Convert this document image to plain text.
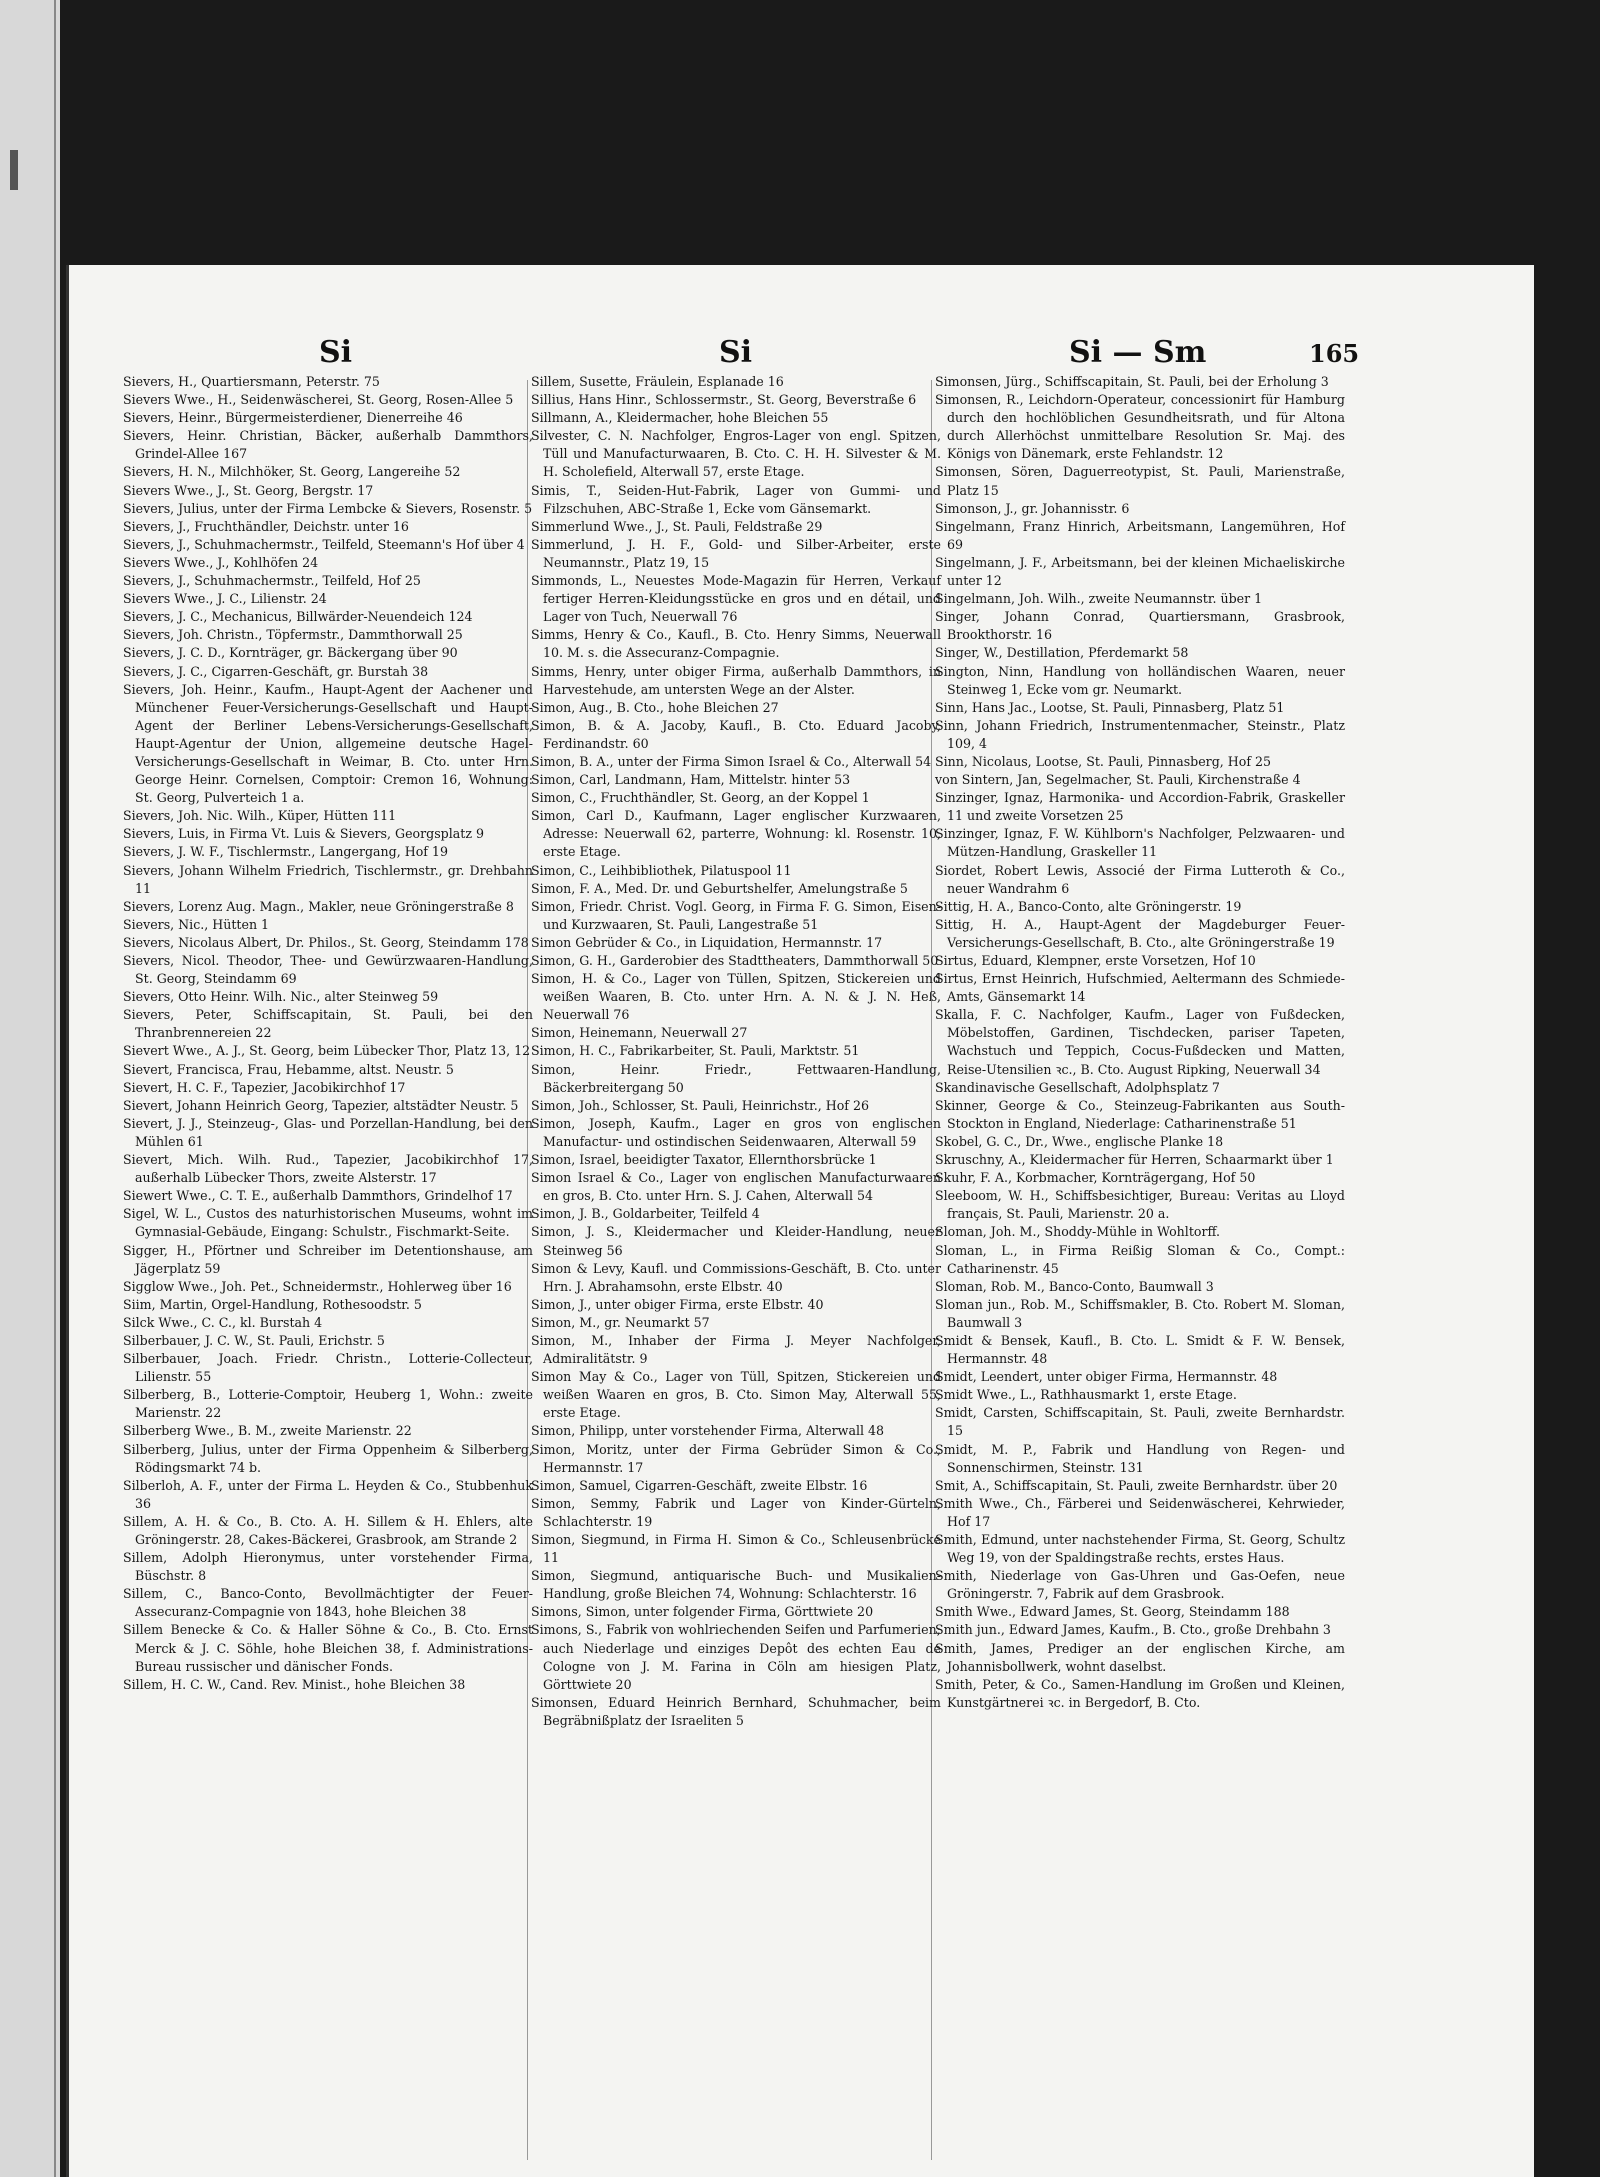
Si	Si	Si — Sm	165

Sievers, H., Quartiersmann, Peterstr. 75

Sievers Wwe., H., Seidenwäscherei, St. Georg, Rosen-Allee 5

Sievers, Heinr., Bürgermeisterdiener, Dienerreihe 46

Sievers, Heinr. Christian, Bäcker, außerhalb Dammthors, Grindel-Allee 167

Sievers, H. N., Milchhöker, St. Georg, Langereihe 52

Sievers Wwe., J., St. Georg, Bergstr. 17

Sievers, Julius, unter der Firma Lembcke & Sievers, Rosenstr. 5

Sievers, J., Fruchthändler, Deichstr. unter 16

Sievers, J., Schuhmachermstr., Teilfeld, Steemann's Hof über 4

Sievers Wwe., J., Kohlhöfen 24

Sievers, J., Schuhmachermstr., Teilfeld, Hof 25

Sievers Wwe., J. C., Lilienstr. 24

Sievers, J. C., Mechanicus, Billwärder-Neuendeich 124

Sievers, Joh. Christn., Töpfermstr., Dammthorwall 25

Sievers, J. C. D., Kornträger, gr. Bäckergang über 90

Sievers, J. C., Cigarren-Geschäft, gr. Burstah 38

Sievers, Joh. Heinr., Kaufm., Haupt-Agent der Aachener und Münchener Feuer-Versicherungs-Gesellschaft und Haupt-Agent der Berliner Lebens-Versicherungs-Gesellschaft, Haupt-Agentur der Union, allgemeine deutsche Hagel-Versicherungs-Gesellschaft in Weimar, B. Cto. unter Hrn. George Heinr. Cornelsen, Comptoir: Cremon 16, Wohnung: St. Georg, Pulverteich 1 a.

Sievers, Joh. Nic. Wilh., Küper, Hütten 111

Sievers, Luis, in Firma Vt. Luis & Sievers, Georgsplatz 9

Sievers, J. W. F., Tischlermstr., Langergang, Hof 19

Sievers, Johann Wilhelm Friedrich, Tischlermstr., gr. Drehbahn 11

Sievers, Lorenz Aug. Magn., Makler, neue Gröningerstraße 8

Sievers, Nic., Hütten 1

Sievers, Nicolaus Albert, Dr. Philos., St. Georg, Steindamm 178

Sievers, Nicol. Theodor, Thee- und Gewürzwaaren-Handlung, St. Georg, Steindamm 69

Sievers, Otto Heinr. Wilh. Nic., alter Steinweg 59

Sievers, Peter, Schiffscapitain, St. Pauli, bei den Thranbrennereien 22

Sievert Wwe., A. J., St. Georg, beim Lübecker Thor, Platz 13, 12

Sievert, Francisca, Frau, Hebamme, altst. Neustr. 5

Sievert, H. C. F., Tapezier, Jacobikirchhof 17

Sievert, Johann Heinrich Georg, Tapezier, altstädter Neustr. 5

Sievert, J. J., Steinzeug-, Glas- und Porzellan-Handlung, bei den Mühlen 61

Sievert, Mich. Wilh. Rud., Tapezier, Jacobikirchhof 17, außerhalb Lübecker Thors, zweite Alsterstr. 17

Siewert Wwe., C. T. E., außerhalb Dammthors, Grindelhof 17

Sigel, W. L., Custos des naturhistorischen Museums, wohnt im Gymnasial-Gebäude, Eingang: Schulstr., Fischmarkt-Seite.

Sigger, H., Pförtner und Schreiber im Detentionshause, am Jägerplatz 59

Sigglow Wwe., Joh. Pet., Schneidermstr., Hohlerweg über 16

Siim, Martin, Orgel-Handlung, Rothesoodstr. 5

Silck Wwe., C. C., kl. Burstah 4

Silberbauer, J. C. W., St. Pauli, Erichstr. 5

Silberbauer, Joach. Friedr. Christn., Lotterie-Collecteur, Lilienstr. 55

Silberberg, B., Lotterie-Comptoir, Heuberg 1, Wohn.: zweite Marienstr. 22

Silberberg Wwe., B. M., zweite Marienstr. 22

Silberberg, Julius, unter der Firma Oppenheim & Silberberg, Rödingsmarkt 74 b.

Silberloh, A. F., unter der Firma L. Heyden & Co., Stubbenhuk 36

Sillem, A. H. & Co., B. Cto. A. H. Sillem & H. Ehlers, alte Gröningerstr. 28, Cakes-Bäckerei, Grasbrook, am Strande 2

Sillem, Adolph Hieronymus, unter vorstehender Firma, Büschstr. 8

Sillem, C., Banco-Conto, Bevollmächtigter der Feuer-Assecuranz-Compagnie von 1843, hohe Bleichen 38

Sillem Benecke & Co. & Haller Söhne & Co., B. Cto. Ernst Merck & J. C. Söhle, hohe Bleichen 38, f. Administrations-Bureau russischer und dänischer Fonds.

Sillem, H. C. W., Cand. Rev. Minist., hohe Bleichen 38

Sillem, Susette, Fräulein, Esplanade 16

Sillius, Hans Hinr., Schlossermstr., St. Georg, Beverstraße 6

Sillmann, A., Kleidermacher, hohe Bleichen 55

Silvester, C. N. Nachfolger, Engros-Lager von engl. Spitzen, Tüll und Manufacturwaaren, B. Cto. C. H. H. Silvester & M. H. Scholefield, Alterwall 57, erste Etage.

Simis, T., Seiden-Hut-Fabrik, Lager von Gummi- und Filzschuhen, ABC-Straße 1, Ecke vom Gänsemarkt.

Simmerlund Wwe., J., St. Pauli, Feldstraße 29

Simmerlund, J. H. F., Gold- und Silber-Arbeiter, erste Neumannstr., Platz 19, 15

Simmonds, L., Neuestes Mode-Magazin für Herren, Verkauf fertiger Herren-Kleidungsstücke en gros und en détail, und Lager von Tuch, Neuerwall 76

Simms, Henry & Co., Kaufl., B. Cto. Henry Simms, Neuerwall 10. M. s. die Assecuranz-Compagnie.

Simms, Henry, unter obiger Firma, außerhalb Dammthors, in Harvestehude, am untersten Wege an der Alster.

Simon, Aug., B. Cto., hohe Bleichen 27

Simon, B. & A. Jacoby, Kaufl., B. Cto. Eduard Jacoby, Ferdinandstr. 60

Simon, B. A., unter der Firma Simon Israel & Co., Alterwall 54

Simon, Carl, Landmann, Ham, Mittelstr. hinter 53

Simon, C., Fruchthändler, St. Georg, an der Koppel 1

Simon, Carl D., Kaufmann, Lager englischer Kurzwaaren, Adresse: Neuerwall 62, parterre, Wohnung: kl. Rosenstr. 10, erste Etage.

Simon, C., Leihbibliothek, Pilatuspool 11

Simon, F. A., Med. Dr. und Geburtshelfer, Amelungstraße 5

Simon, Friedr. Christ. Vogl. Georg, in Firma F. G. Simon, Eisen- und Kurzwaaren, St. Pauli, Langestraße 51

Simon Gebrüder & Co., in Liquidation, Hermannstr. 17

Simon, G. H., Garderobier des Stadttheaters, Dammthorwall 50

Simon, H. & Co., Lager von Tüllen, Spitzen, Stickereien und weißen Waaren, B. Cto. unter Hrn. A. N. & J. N. Heß, Neuerwall 76

Simon, Heinemann, Neuerwall 27

Simon, H. C., Fabrikarbeiter, St. Pauli, Marktstr. 51

Simon, Heinr. Friedr., Fettwaaren-Handlung, Bäckerbreitergang 50

Simon, Joh., Schlosser, St. Pauli, Heinrichstr., Hof 26

Simon, Joseph, Kaufm., Lager en gros von englischen Manufactur- und ostindischen Seidenwaaren, Alterwall 59

Simon, Israel, beeidigter Taxator, Ellernthorsbrücke 1

Simon Israel & Co., Lager von englischen Manufacturwaaren en gros, B. Cto. unter Hrn. S. J. Cahen, Alterwall 54

Simon, J. B., Goldarbeiter, Teilfeld 4

Simon, J. S., Kleidermacher und Kleider-Handlung, neuer Steinweg 56

Simon & Levy, Kaufl. und Commissions-Geschäft, B. Cto. unter Hrn. J. Abrahamsohn, erste Elbstr. 40

Simon, J., unter obiger Firma, erste Elbstr. 40

Simon, M., gr. Neumarkt 57

Simon, M., Inhaber der Firma J. Meyer Nachfolger, Admiralitätstr. 9

Simon May & Co., Lager von Tüll, Spitzen, Stickereien und weißen Waaren en gros, B. Cto. Simon May, Alterwall 55, erste Etage.

Simon, Philipp, unter vorstehender Firma, Alterwall 48

Simon, Moritz, unter der Firma Gebrüder Simon & Co., Hermannstr. 17

Simon, Samuel, Cigarren-Geschäft, zweite Elbstr. 16

Simon, Semmy, Fabrik und Lager von Kinder-Gürteln, Schlachterstr. 19

Simon, Siegmund, in Firma H. Simon & Co., Schleusenbrücke 11

Simon, Siegmund, antiquarische Buch- und Musikalien-Handlung, große Bleichen 74, Wohnung: Schlachterstr. 16

Simons, Simon, unter folgender Firma, Görttwiete 20

Simons, S., Fabrik von wohlriechenden Seifen und Parfumerien; auch Niederlage und einziges Depôt des echten Eau de Cologne von J. M. Farina in Cöln am hiesigen Platz, Görttwiete 20

Simonsen, Eduard Heinrich Bernhard, Schuhmacher, beim Begräbnißplatz der Israeliten 5

Simonsen, Jürg., Schiffscapitain, St. Pauli, bei der Erholung 3

Simonsen, R., Leichdorn-Operateur, concessionirt für Hamburg durch den hochlöblichen Gesundheitsrath, und für Altona durch Allerhöchst unmittelbare Resolution Sr. Maj. des Königs von Dänemark, erste Fehlandstr. 12

Simonsen, Sören, Daguerreotypist, St. Pauli, Marienstraße, Platz 15

Simonson, J., gr. Johannisstr. 6

Singelmann, Franz Hinrich, Arbeitsmann, Langemühren, Hof 69

Singelmann, J. F., Arbeitsmann, bei der kleinen Michaeliskirche unter 12

Singelmann, Joh. Wilh., zweite Neumannstr. über 1

Singer, Johann Conrad, Quartiersmann, Grasbrook, Brookthorstr. 16

Singer, W., Destillation, Pferdemarkt 58

Sington, Ninn, Handlung von holländischen Waaren, neuer Steinweg 1, Ecke vom gr. Neumarkt.

Sinn, Hans Jac., Lootse, St. Pauli, Pinnasberg, Platz 51

Sinn, Johann Friedrich, Instrumentenmacher, Steinstr., Platz 109, 4

Sinn, Nicolaus, Lootse, St. Pauli, Pinnasberg, Hof 25

von Sintern, Jan, Segelmacher, St. Pauli, Kirchenstraße 4

Sinzinger, Ignaz, Harmonika- und Accordion-Fabrik, Graskeller 11 und zweite Vorsetzen 25

Sinzinger, Ignaz, F. W. Kühlborn's Nachfolger, Pelzwaaren- und Mützen-Handlung, Graskeller 11

Siordet, Robert Lewis, Associé der Firma Lutteroth & Co., neuer Wandrahm 6

Sittig, H. A., Banco-Conto, alte Gröningerstr. 19

Sittig, H. A., Haupt-Agent der Magdeburger Feuer-Versicherungs-Gesellschaft, B. Cto., alte Gröningerstraße 19

Sirtus, Eduard, Klempner, erste Vorsetzen, Hof 10

Sirtus, Ernst Heinrich, Hufschmied, Aeltermann des Schmiede-Amts, Gänsemarkt 14

Skalla, F. C. Nachfolger, Kaufm., Lager von Fußdecken, Möbelstoffen, Gardinen, Tischdecken, pariser Tapeten, Wachstuch und Teppich, Cocus-Fußdecken und Matten, Reise-Utensilien ꝛc., B. Cto. August Ripking, Neuerwall 34

Skandinavische Gesellschaft, Adolphsplatz 7

Skinner, George & Co., Steinzeug-Fabrikanten aus South-Stockton in England, Niederlage: Catharinenstraße 51

Skobel, G. C., Dr., Wwe., englische Planke 18

Skruschny, A., Kleidermacher für Herren, Schaarmarkt über 1

Skuhr, F. A., Korbmacher, Kornträgergang, Hof 50

Sleeboom, W. H., Schiffsbesichtiger, Bureau: Veritas au Lloyd français, St. Pauli, Marienstr. 20 a.

Sloman, Joh. M., Shoddy-Mühle in Wohltorff.

Sloman, L., in Firma Reißig Sloman & Co., Compt.: Catharinenstr. 45

Sloman, Rob. M., Banco-Conto, Baumwall 3

Sloman jun., Rob. M., Schiffsmakler, B. Cto. Robert M. Sloman, Baumwall 3

Smidt & Bensek, Kaufl., B. Cto. L. Smidt & F. W. Bensek, Hermannstr. 48

Smidt, Leendert, unter obiger Firma, Hermannstr. 48

Smidt Wwe., L., Rathhausmarkt 1, erste Etage.

Smidt, Carsten, Schiffscapitain, St. Pauli, zweite Bernhardstr. 15

Smidt, M. P., Fabrik und Handlung von Regen- und Sonnenschirmen, Steinstr. 131

Smit, A., Schiffscapitain, St. Pauli, zweite Bernhardstr. über 20

Smith Wwe., Ch., Färberei und Seidenwäscherei, Kehrwieder, Hof 17

Smith, Edmund, unter nachstehender Firma, St. Georg, Schultz Weg 19, von der Spaldingstraße rechts, erstes Haus.

Smith, Niederlage von Gas-Uhren und Gas-Oefen, neue Gröningerstr. 7, Fabrik auf dem Grasbrook.

Smith Wwe., Edward James, St. Georg, Steindamm 188

Smith jun., Edward James, Kaufm., B. Cto., große Drehbahn 3

Smith, James, Prediger an der englischen Kirche, am Johannisbollwerk, wohnt daselbst.

Smith, Peter, & Co., Samen-Handlung im Großen und Kleinen, Kunstgärtnerei ꝛc. in Bergedorf, B. Cto.
